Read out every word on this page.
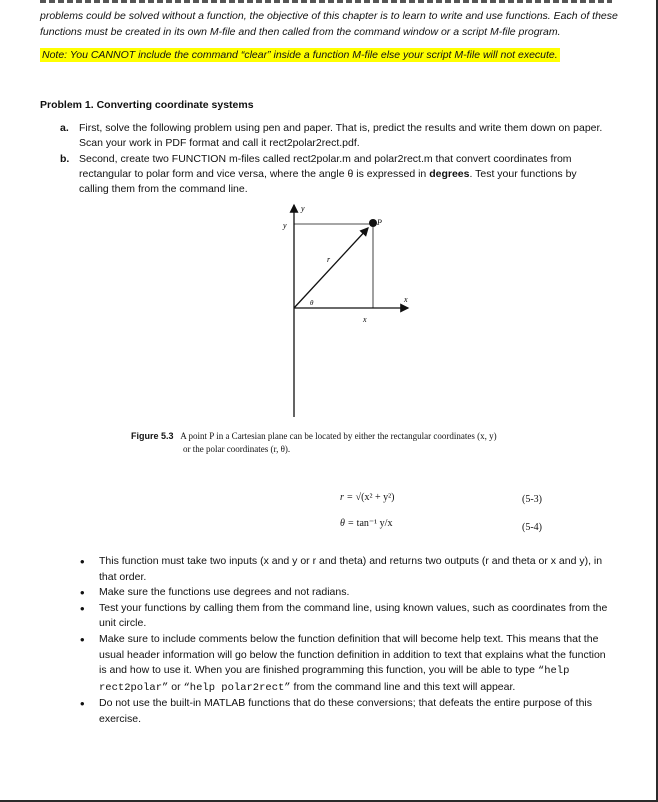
problems could be solved without a function, the objective of this chapter is to learn to write and use functions. Each of these functions must be created in its own M-file and then called from the command window or a script M-file program.
Note: You CANNOT include the command “clear” inside a function M-file else your script M-file will not execute.
Problem 1. Converting coordinate systems
a. First, solve the following problem using pen and paper. That is, predict the results and write them down on paper. Scan your work in PDF format and call it rect2polar2rect.pdf.
b. Second, create two FUNCTION m-files called rect2polar.m and polar2rect.m that convert coordinates from rectangular to polar form and vice versa, where the angle θ is expressed in degrees. Test your functions by calling them from the command line.
y
y
x
x
P
r
θ
Figure 5.3 A point P in a Cartesian plane can be located by either the rectangular coordinates (x, y)
or the polar coordinates (r, θ).
r = √(x² + y²)	(5-3)
θ = tan⁻¹ y/x	(5-4)
• This function must take two inputs (x and y or r and theta) and returns two outputs (r and theta or x and y), in that order.
• Make sure the functions use degrees and not radians.
• Test your functions by calling them from the command line, using known values, such as coordinates from the unit circle.
• Make sure to include comments below the function definition that will become help text. This means that the usual header information will go below the function definition in addition to text that explains what the function is and how to use it. When you are finished programming this function, you will be able to type “help rect2polar” or “help polar2rect” from the command line and this text will appear.
• Do not use the built-in MATLAB functions that do these conversions; that defeats the entire purpose of this exercise.
